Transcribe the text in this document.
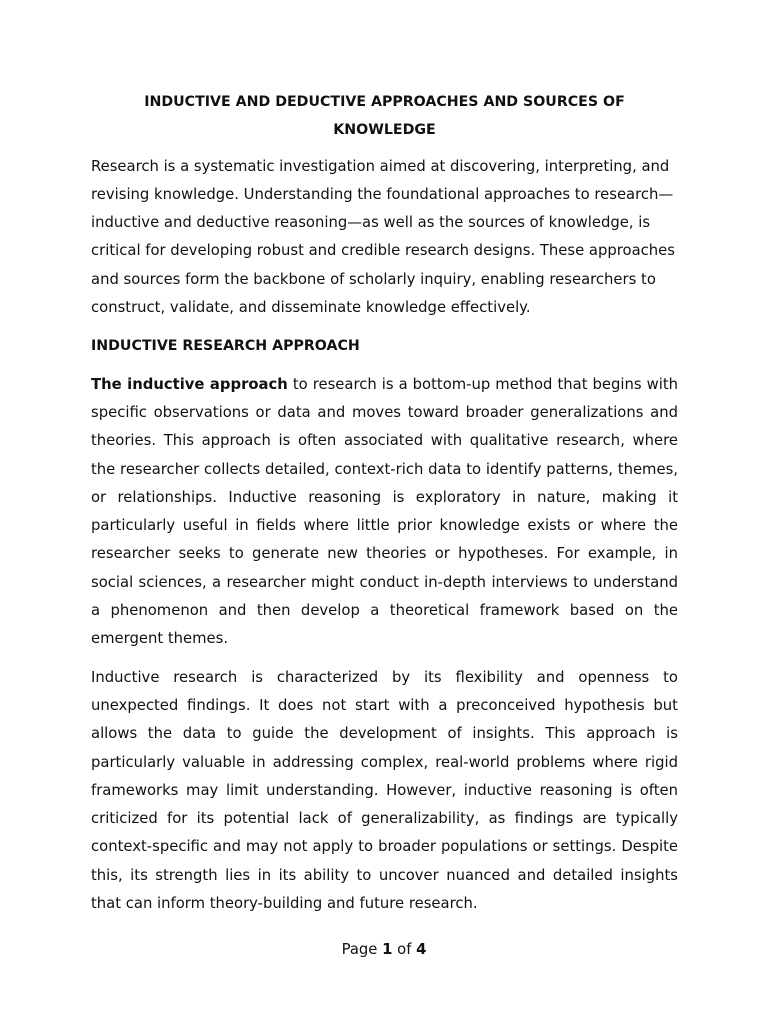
INDUCTIVE AND DEDUCTIVE APPROACHES AND SOURCES OF KNOWLEDGE

Research is a systematic investigation aimed at discovering, interpreting, and revising knowledge. Understanding the foundational approaches to research—inductive and deductive reasoning—as well as the sources of knowledge, is critical for developing robust and credible research designs. These approaches and sources form the backbone of scholarly inquiry, enabling researchers to construct, validate, and disseminate knowledge effectively.

INDUCTIVE RESEARCH APPROACH

The inductive approach to research is a bottom-up method that begins with specific observations or data and moves toward broader generalizations and theories. This approach is often associated with qualitative research, where the researcher collects detailed, context-rich data to identify patterns, themes, or relationships. Inductive reasoning is exploratory in nature, making it particularly useful in fields where little prior knowledge exists or where the researcher seeks to generate new theories or hypotheses. For example, in social sciences, a researcher might conduct in-depth interviews to understand a phenomenon and then develop a theoretical framework based on the emergent themes.

Inductive research is characterized by its flexibility and openness to unexpected findings. It does not start with a preconceived hypothesis but allows the data to guide the development of insights. This approach is particularly valuable in addressing complex, real-world problems where rigid frameworks may limit understanding. However, inductive reasoning is often criticized for its potential lack of generalizability, as findings are typically context-specific and may not apply to broader populations or settings. Despite this, its strength lies in its ability to uncover nuanced and detailed insights that can inform theory-building and future research.

Page 1 of 4
